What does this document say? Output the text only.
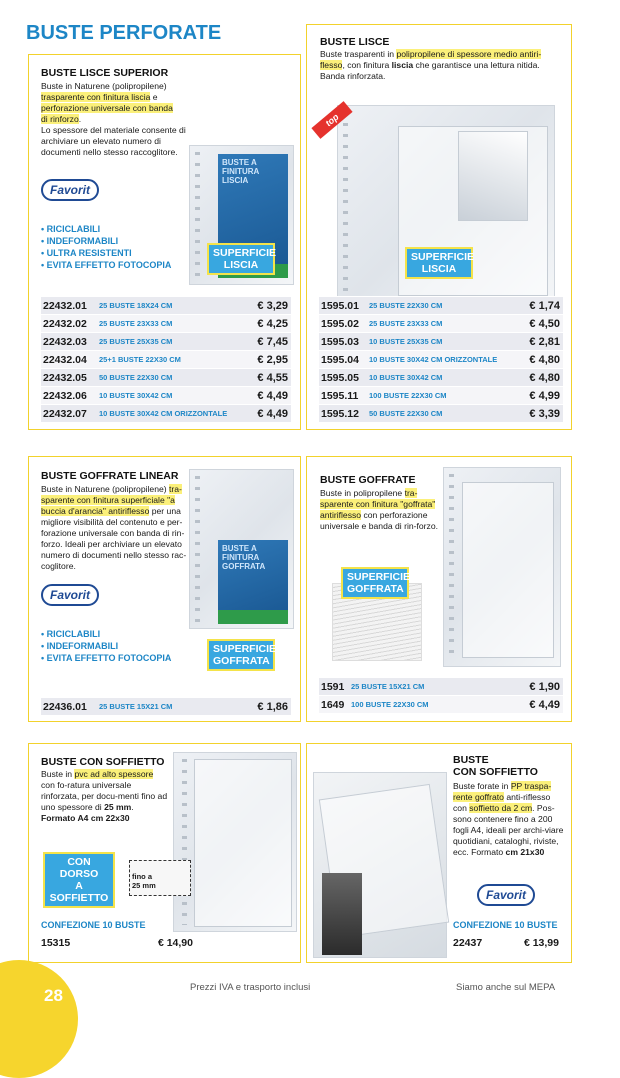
BUSTE PERFORATE
BUSTE LISCE SUPERIOR
Buste in Naturene (polipropilene)
trasparente con finitura liscia e
perforazione universale con banda
di rinforzo.
Lo spessore del materiale consente di archiviare un elevato numero di documenti nello stesso raccoglitore.
Favorit
BUSTE A FINITURA LISCIA
• RICICLABILI
• INDEFORMABILI
• ULTRA RESISTENTI
• EVITA EFFETTO FOTOCOPIA
SUPERFICIE
LISCIA
22432.01	25 BUSTE 18X24 CM	€ 3,29
22432.02	25 BUSTE 23X33 CM	€ 4,25
22432.03	25 BUSTE 25X35 CM	€ 7,45
22432.04	25+1 BUSTE 22X30 CM	€ 2,95
22432.05	50 BUSTE 22X30 CM	€ 4,55
22432.06	10 BUSTE 30X42 CM	€ 4,49
22432.07	10 BUSTE 30X42 CM ORIZZONTALE	€ 4,49
BUSTE LISCE
Buste trasparenti in polipropilene di spessore medio antiri-flesso, con finitura liscia che garantisce una lettura nitida. Banda rinforzata.
top
SUPERFICIE
LISCIA
1595.01	25 BUSTE 22X30 CM	€ 1,74
1595.02	25 BUSTE 23X33 CM	€ 4,50
1595.03	10 BUSTE 25X35 CM	€ 2,81
1595.04	10 BUSTE 30X42 CM ORIZZONTALE	€ 4,80
1595.05	10 BUSTE 30X42 CM	€ 4,80
1595.11	100 BUSTE 22X30 CM	€ 4,99
1595.12	50 BUSTE 22X30 CM	€ 3,39
BUSTE GOFFRATE LINEAR
Buste in Naturene (polipropilene) tra-sparente con finitura superficiale "a buccia d'arancia" antiriflesso per una migliore visibilità del contenuto e per-forazione universale con banda di rin-forzo. Ideali per archiviare un elevato numero di documenti nello stesso rac-coglitore.
Favorit
BUSTE A FINITURA GOFFRATA
• RICICLABILI
• INDEFORMABILI
• EVITA EFFETTO FOTOCOPIA
SUPERFICIE
GOFFRATA
22436.01	25 BUSTE 15X21 CM	€ 1,86
BUSTE GOFFRATE
Buste in polipropilene tra-sparente con finitura "goffrata" antiriflesso con perforazione universale e banda di rin-forzo.
SUPERFICIE
GOFFRATA
1591 25 BUSTE 15X21 CM	€ 1,90
1649 100 BUSTE 22X30 CM	€ 4,49
BUSTE CON SOFFIETTO
Buste in pvc ad alto spessore con fo-ratura universale rinforzata, per docu-menti fino ad uno spessore di 25 mm.
Formato A4 cm 22x30

fino a
25 mm

CON DORSO
A SOFFIETTO
CONFEZIONE 10 BUSTE
15315	€ 14,90
BUSTE
CON SOFFIETTO
Buste forate in PP traspa-rente goffrato anti-riflesso con soffietto da 2 cm. Pos-sono contenere fino a 200 fogli A4, ideali per archi-viare quotidiani, cataloghi, riviste, ecc. Formato cm 21x30
Favorit
CONFEZIONE 10 BUSTE
22437	€ 13,99
28	Prezzi IVA e trasporto inclusi	Siamo anche sul MEPA
